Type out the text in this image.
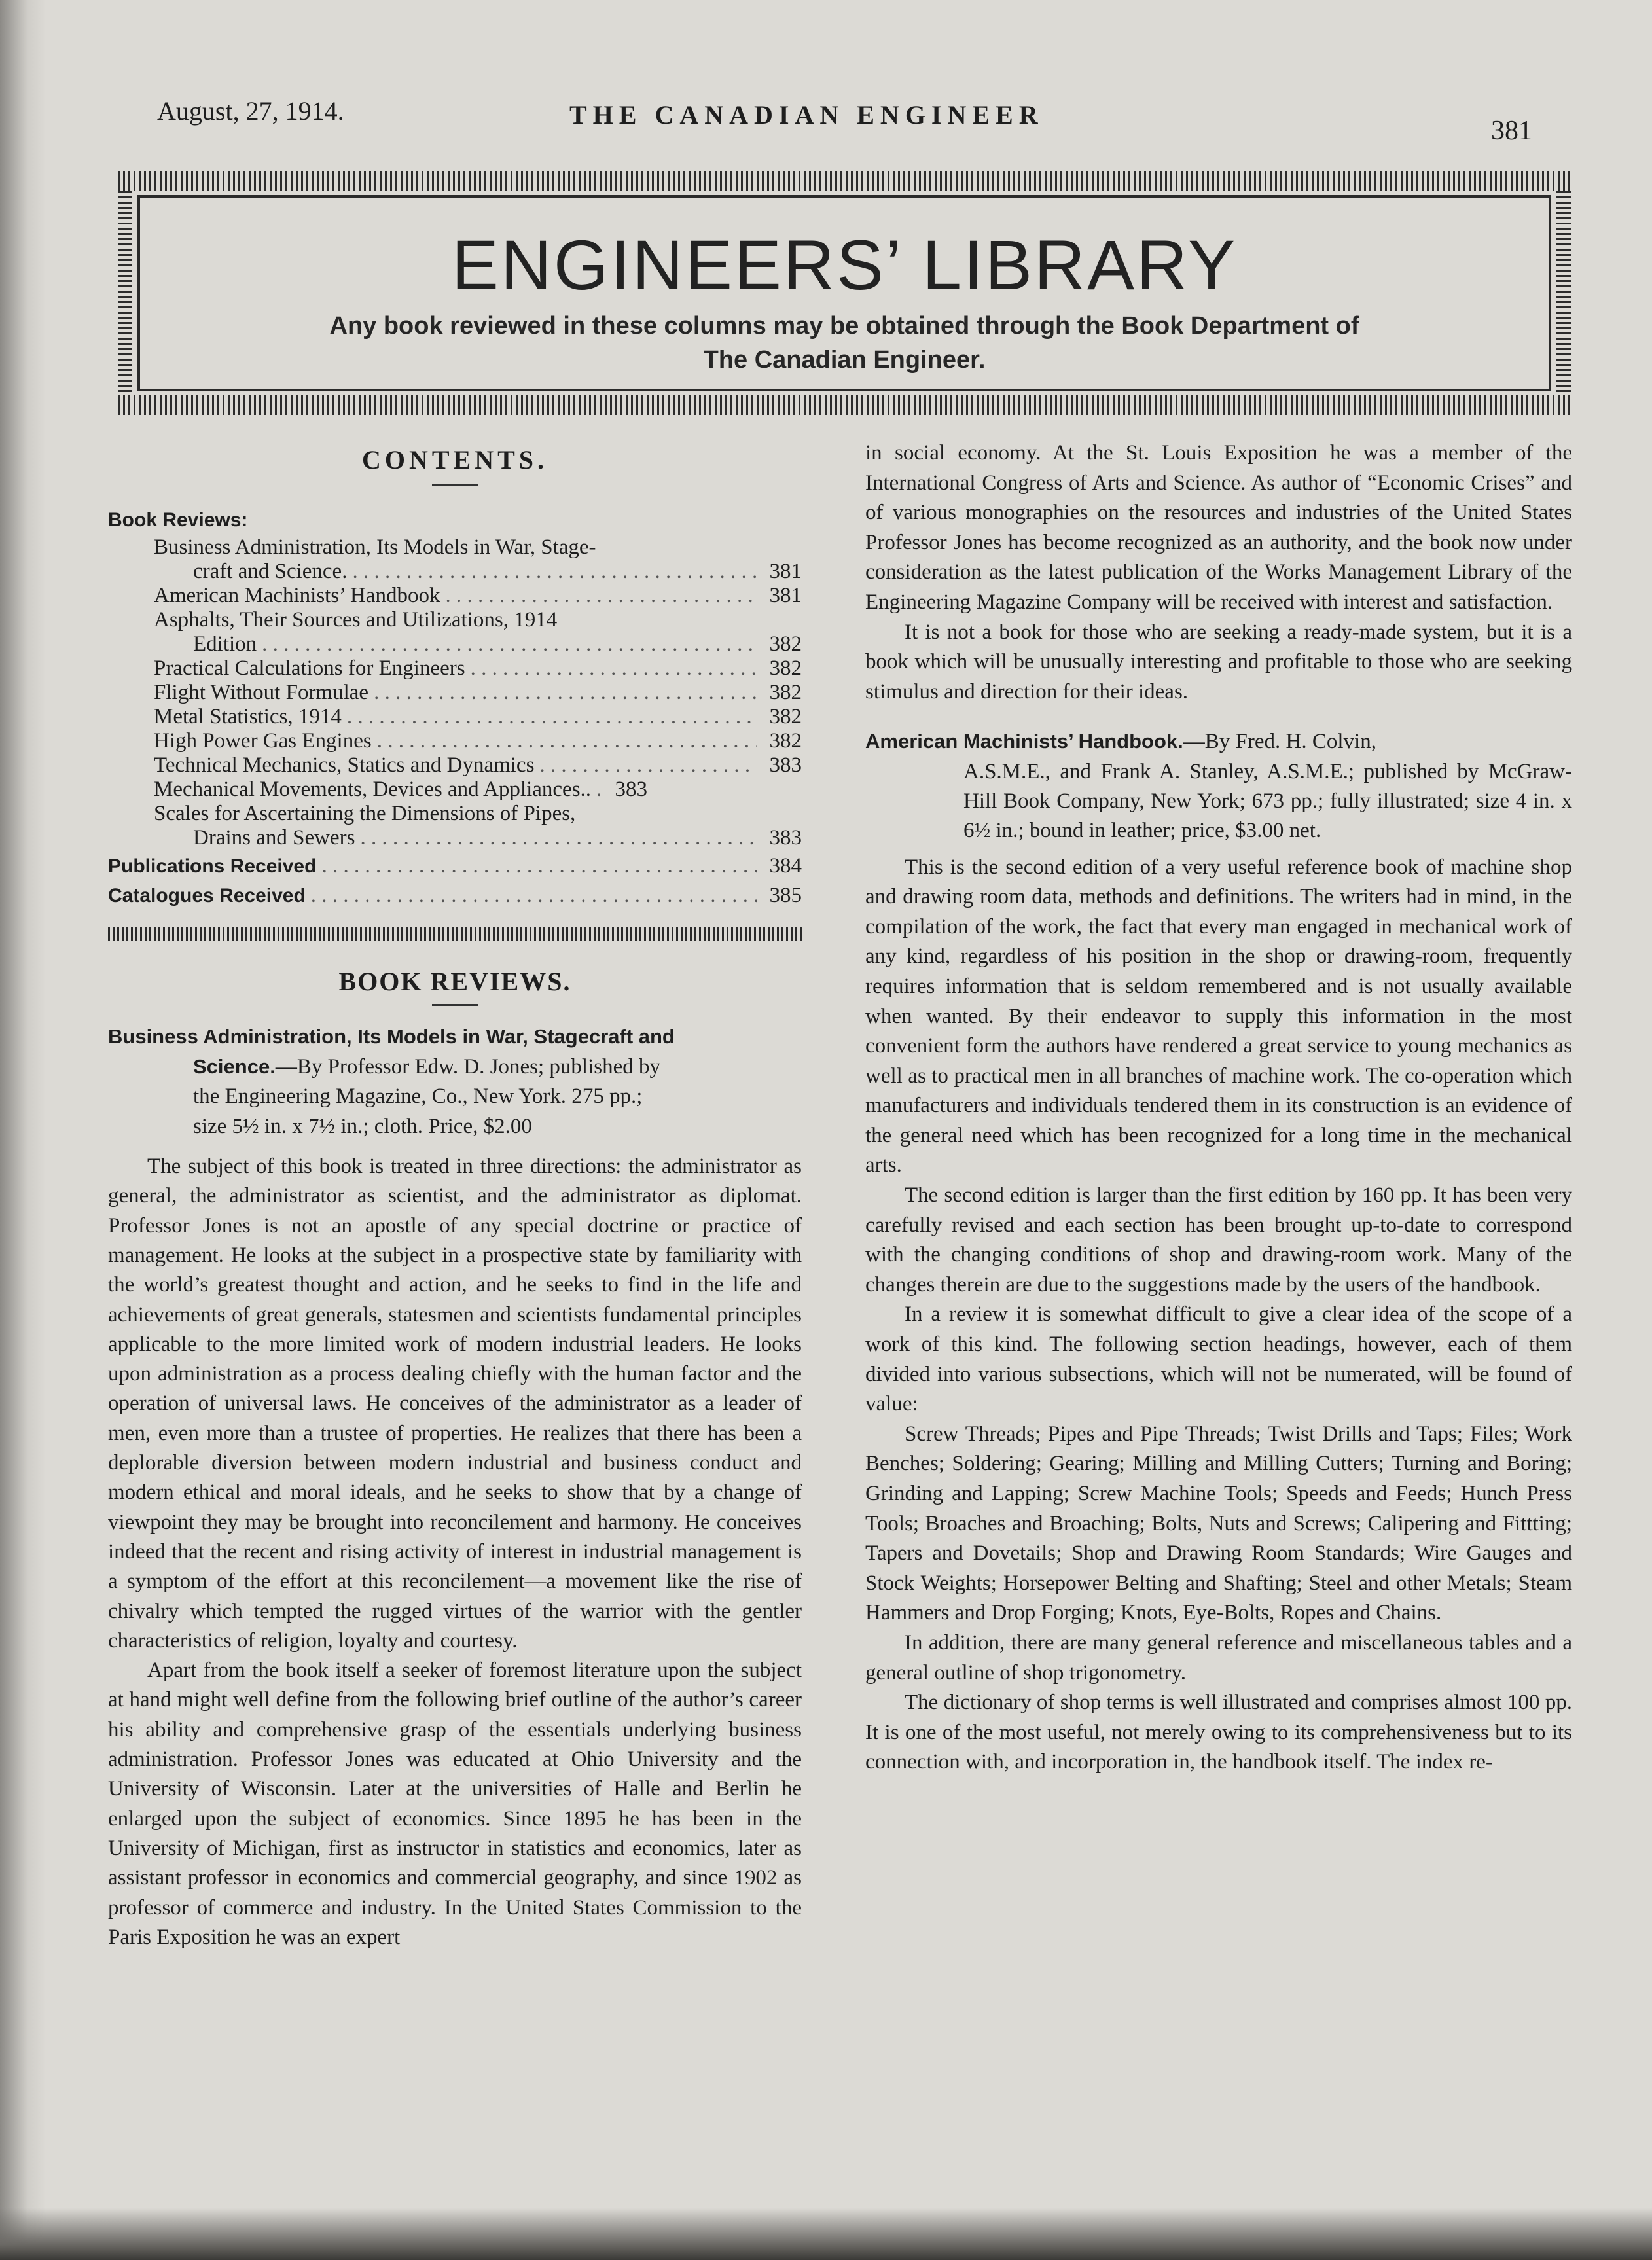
August, 27, 1914.	THE CANADIAN ENGINEER
381
ENGINEERS’ LIBRARY
Any book reviewed in these columns may be obtained through the Book Department of
The Canadian Engineer.
CONTENTS.
Book Reviews:
Business Administration, Its Models in War, Stage-
craft and Science. . . .	381
American Machinists’ Handbook . . .	381
Asphalts, Their Sources and Utilizations, 1914
Edition . . .	382
Practical Calculations for Engineers . . .	382
Flight Without Formulae . . .	382
Metal Statistics, 1914 . . .	382
High Power Gas Engines . . .	382
Technical Mechanics, Statics and Dynamics . . .	383
Mechanical Movements, Devices and Appliances.. . . .	383
Scales for Ascertaining the Dimensions of Pipes,
Drains and Sewers . . .	383
Publications Received . . .	384
Catalogues Received . . .	385
BOOK REVIEWS.
Business Administration, Its Models in War, Stagecraft and
Science.—By Professor Edw. D. Jones; published by
the Engineering Magazine, Co., New York. 275 pp.;
size 5½ in. x 7½ in.; cloth. Price, $2.00

The subject of this book is treated in three directions: the administrator as general, the administrator as scientist, and the administrator as diplomat. Professor Jones is not an apostle of any special doctrine or practice of management. He looks at the subject in a prospective state by familiarity with the world’s greatest thought and action, and he seeks to find in the life and achievements of great generals, statesmen and scientists fundamental principles applicable to the more limited work of modern industrial leaders. He looks upon administration as a process dealing chiefly with the human factor and the operation of universal laws. He conceives of the administrator as a leader of men, even more than a trustee of properties. He realizes that there has been a deplorable diversion between modern industrial and business conduct and modern ethical and moral ideals, and he seeks to show that by a change of viewpoint they may be brought into reconcilement and harmony. He conceives indeed that the recent and rising activity of interest in industrial management is a symptom of the effort at this reconcilement—a movement like the rise of chivalry which tempted the rugged virtues of the warrior with the gentler characteristics of religion, loyalty and courtesy.

Apart from the book itself a seeker of foremost literature upon the subject at hand might well define from the following brief outline of the author’s career his ability and comprehensive grasp of the essentials underlying business administration. Professor Jones was educated at Ohio University and the University of Wisconsin. Later at the universities of Halle and Berlin he enlarged upon the subject of economics. Since 1895 he has been in the University of Michigan, first as instructor in statistics and economics, later as assistant professor in economics and commercial geography, and since 1902 as professor of commerce and industry. In the United States Commission to the Paris Exposition he was an expert

in social economy. At the St. Louis Exposition he was a member of the International Congress of Arts and Science. As author of “Economic Crises” and of various monographies on the resources and industries of the United States Professor Jones has become recognized as an authority, and the book now under consideration as the latest publication of the Works Management Library of the Engineering Magazine Company will be received with interest and satisfaction.

It is not a book for those who are seeking a ready-made system, but it is a book which will be unusually interesting and profitable to those who are seeking stimulus and direction for their ideas.

American Machinists’ Handbook.—By Fred. H. Colvin,
A.S.M.E., and Frank A. Stanley, A.S.M.E.; published by McGraw-Hill Book Company, New York; 673 pp.; fully illustrated; size 4 in. x 6½ in.; bound in leather; price, $3.00 net.

This is the second edition of a very useful reference book of machine shop and drawing room data, methods and definitions. The writers had in mind, in the compilation of the work, the fact that every man engaged in mechanical work of any kind, regardless of his position in the shop or drawing-room, frequently requires information that is seldom remembered and is not usually available when wanted. By their endeavor to supply this information in the most convenient form the authors have rendered a great service to young mechanics as well as to practical men in all branches of machine work. The co-operation which manufacturers and individuals tendered them in its construction is an evidence of the general need which has been recognized for a long time in the mechanical arts.

The second edition is larger than the first edition by 160 pp. It has been very carefully revised and each section has been brought up-to-date to correspond with the changing conditions of shop and drawing-room work. Many of the changes therein are due to the suggestions made by the users of the handbook.

In a review it is somewhat difficult to give a clear idea of the scope of a work of this kind. The following section headings, however, each of them divided into various subsections, which will not be numerated, will be found of value:

Screw Threads; Pipes and Pipe Threads; Twist Drills and Taps; Files; Work Benches; Soldering; Gearing; Milling and Milling Cutters; Turning and Boring; Grinding and Lapping; Screw Machine Tools; Speeds and Feeds; Hunch Press Tools; Broaches and Broaching; Bolts, Nuts and Screws; Calipering and Fittting; Tapers and Dovetails; Shop and Drawing Room Standards; Wire Gauges and Stock Weights; Horsepower Belting and Shafting; Steel and other Metals; Steam Hammers and Drop Forging; Knots, Eye-Bolts, Ropes and Chains.

In addition, there are many general reference and miscellaneous tables and a general outline of shop trigonometry.

The dictionary of shop terms is well illustrated and comprises almost 100 pp. It is one of the most useful, not merely owing to its comprehensiveness but to its connection with, and incorporation in, the handbook itself. The index re-
